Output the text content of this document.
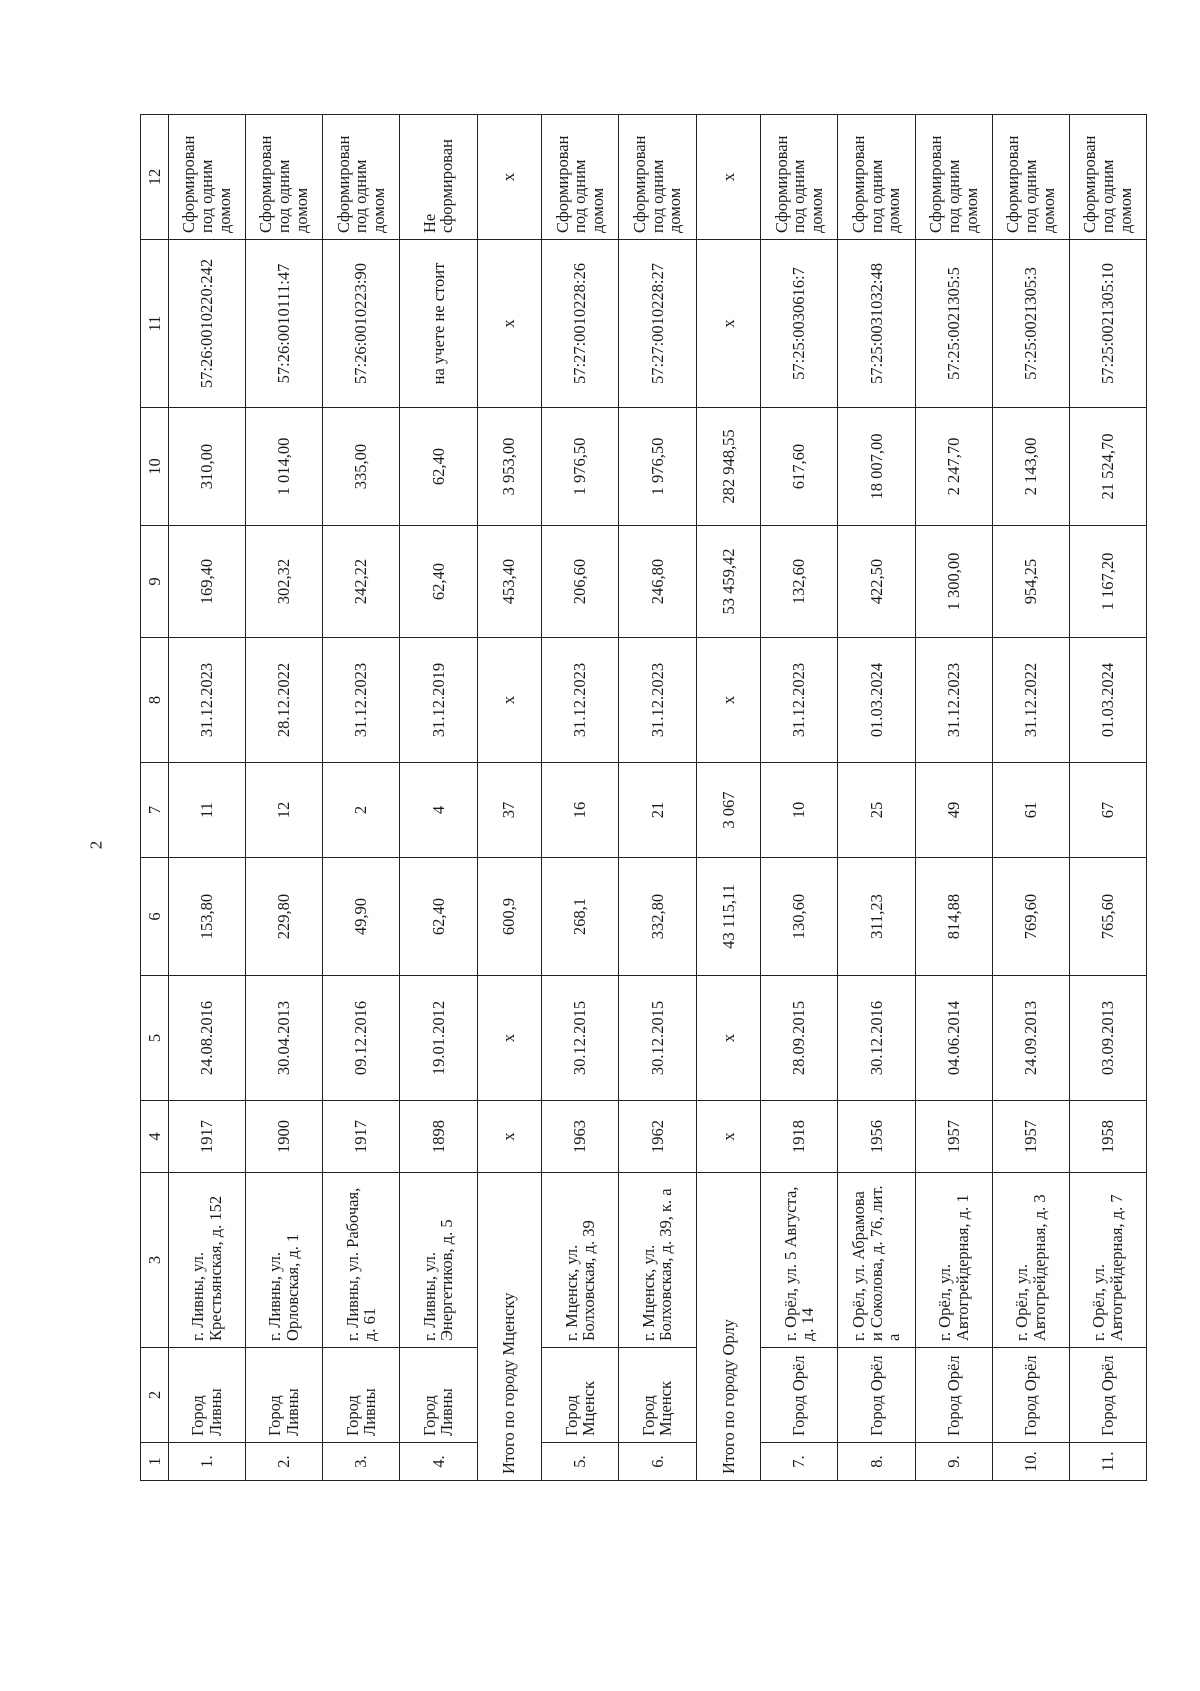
2
1	2	3	4	5	6	7	8	9	10	11	12
1.	Город Ливны	г. Ливны, ул. Крестьянская, д. 152	1917	24.08.2016	153,80	11	31.12.2023	169,40	310,00	57:26:0010220:242	Сформирован под одним домом
2.	Город Ливны	г. Ливны, ул. Орловская, д. 1	1900	30.04.2013	229,80	12	28.12.2022	302,32	1 014,00	57:26:0010111:47	Сформирован под одним домом
3.	Город Ливны	г. Ливны, ул. Рабочая, д. 61	1917	09.12.2016	49,90	2	31.12.2023	242,22	335,00	57:26:0010223:90	Сформирован под одним домом
4.	Город Ливны	г. Ливны, ул. Энергетиков, д. 5	1898	19.01.2012	62,40	4	31.12.2019	62,40	62,40	на учете не стоит	Не сформирован
Итого по городу Мценску			х	х	600,9	37	х	453,40	3 953,00	х	х
5.	Город Мценск	г. Мценск, ул. Болховская, д. 39	1963	30.12.2015	268,1	16	31.12.2023	206,60	1 976,50	57:27:0010228:26	Сформирован под одним домом
6.	Город Мценск	г. Мценск, ул. Болховская, д. 39, к. а	1962	30.12.2015	332,80	21	31.12.2023	246,80	1 976,50	57:27:0010228:27	Сформирован под одним домом
Итого по городу Орлу			х	х	43 115,11	3 067	х	53 459,42	282 948,55	х	х
7.	Город Орёл	г. Орёл, ул. 5 Августа, д. 14	1918	28.09.2015	130,60	10	31.12.2023	132,60	617,60	57:25:0030616:7	Сформирован под одним домом
8.	Город Орёл	г. Орёл, ул. Абрамова и Соколова, д. 76, лит. а	1956	30.12.2016	311,23	25	01.03.2024	422,50	18 007,00	57:25:0031032:48	Сформирован под одним домом
9.	Город Орёл	г. Орёл, ул. Автогрейдерная, д. 1	1957	04.06.2014	814,88	49	31.12.2023	1 300,00	2 247,70	57:25:0021305:5	Сформирован под одним домом
10.	Город Орёл	г. Орёл, ул. Автогрейдерная, д. 3	1957	24.09.2013	769,60	61	31.12.2022	954,25	2 143,00	57:25:0021305:3	Сформирован под одним домом
11.	Город Орёл	г. Орёл, ул. Автогрейдерная, д. 7	1958	03.09.2013	765,60	67	01.03.2024	1 167,20	21 524,70	57:25:0021305:10	Сформирован под одним домом
